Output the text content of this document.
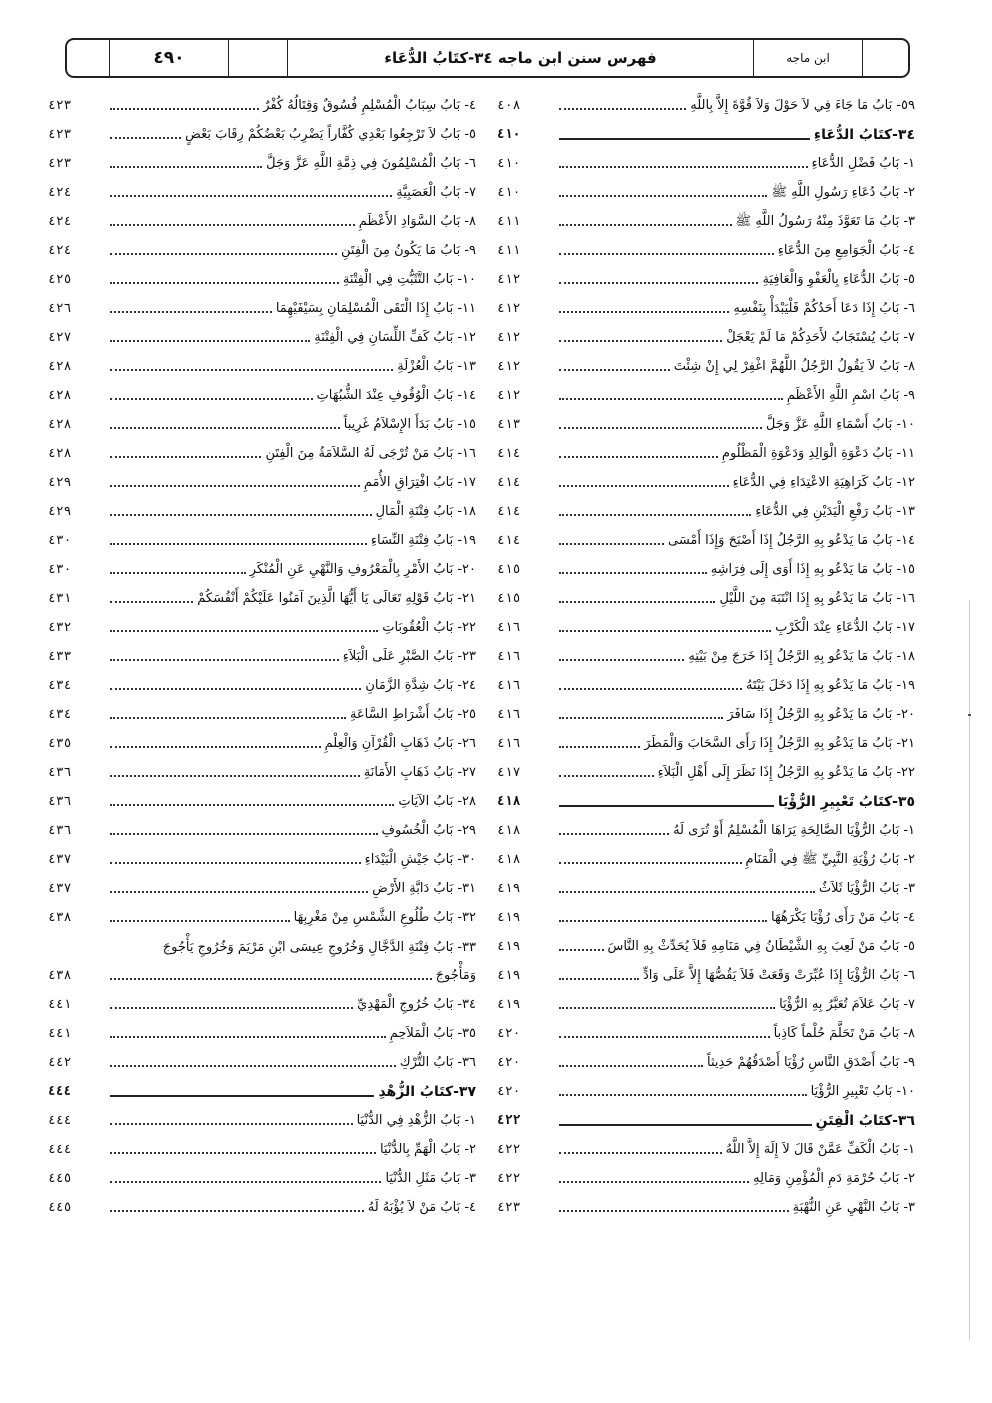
٤٩٠	فهرس سنن ابن ماجه ٣٤-كتَابُ الدُّعَاء	ابن ماجه
٥٩- بَابُ مَا جَاءَ فِي لاَ حَوْلَ وَلاَ قُوَّةَ إِلاَّ بِاللَّهِ
٤٠٨
٣٤-كتَابُ الدُّعَاءِ
٤١٠
١- بَابُ فَضْلِ الدُّعَاءِ
٤١٠
٢- بَابُ دُعَاءِ رَسُولِ اللَّهِ ﷺ
٤١٠
٣- بَابُ مَا تَعَوَّذَ مِنْهُ رَسُولُ اللَّهِ ﷺ
٤١١
٤- بَابُ الْجَوَامِعِ مِنَ الدُّعَاءِ
٤١١
٥- بَابُ الدُّعَاءِ بِالْعَفْوِ وَالْعَافِيَةِ
٤١٢
٦- بَابُ إِذَا دَعَا أَحَدُكُمْ فَلْيَبْدَأْ بِنَفْسِهِ
٤١٢
٧- بَابُ يُسْتَجَابُ لأَحَدِكُمْ مَا لَمْ يَعْجَلْ
٤١٢
٨- بَابُ لاَ يَقُولُ الرَّجُلُ اللَّهُمَّ اغْفِرْ لِي إِنْ شِئْتَ
٤١٢
٩- بَابُ اسْمِ اللَّهِ الأَعْظَمِ
٤١٢
١٠- بَابُ أَسْمَاءِ اللَّهِ عَزَّ وَجَلَّ
٤١٣
١١- بَابُ دَعْوَةِ الْوَالِدِ وَدَعْوَةِ الْمَظْلُومِ
٤١٤
١٢- بَابُ كَرَاهِيَةِ الاعْتِدَاءِ فِي الدُّعَاءِ
٤١٤
١٣- بَابُ رَفْعِ الْيَدَيْنِ فِي الدُّعَاءِ
٤١٤
١٤- بَابُ مَا يَدْعُو بِهِ الرَّجُلُ إِذَا أَصْبَحَ وَإِذَا أَمْسَى
٤١٤
١٥- بَابُ مَا يَدْعُو بِهِ إِذَا أَوَى إِلَى فِرَاشِهِ
٤١٥
١٦- بَابُ مَا يَدْعُو بِهِ إِذَا انْتَبَهَ مِنَ اللَّيْلِ
٤١٥
١٧- بَابُ الدُّعَاءِ عِنْدَ الْكَرْبِ
٤١٦
١٨- بَابُ مَا يَدْعُو بِهِ الرَّجُلُ إِذَا خَرَجَ مِنْ بَيْتِهِ
٤١٦
١٩- بَابُ مَا يَدْعُو بِهِ إِذَا دَخَلَ بَيْتَهُ
٤١٦
٢٠- بَابُ مَا يَدْعُو بِهِ الرَّجُلُ إِذَا سَافَرَ
٤١٦
٢١- بَابُ مَا يَدْعُو بِهِ الرَّجُلُ إِذَا رَأَى السَّحَابَ وَالْمَطَرَ
٤١٦
٢٢- بَابُ مَا يَدْعُو بِهِ الرَّجُلُ إِذَا نَظَرَ إِلَى أَهْلِ الْبَلاَءِ
٤١٧
٣٥-كتَابُ تَعْبِيرِ الرُّؤْيَا
٤١٨
١- بَابُ الرُّؤْيَا الصَّالِحَةِ يَرَاهَا الْمُسْلِمُ أَوْ تُرَى لَهُ
٤١٨
٢- بَابُ رُؤْيَةِ النَّبِيِّ ﷺ فِي الْمَنَامِ
٤١٨
٣- بَابُ الرُّؤْيَا ثَلاَثٌ
٤١٩
٤- بَابُ مَنْ رَأَى رُؤْيَا يَكْرَهُهَا
٤١٩
٥- بَابُ مَنْ لَعِبَ بِهِ الشَّيْطَانُ فِي مَنَامِهِ فَلاَ يُحَدِّثْ بِهِ النَّاسَ
٤١٩
٦- بَابُ الرُّؤْيَا إِذَا عُبِّرَتْ وَقَعَتْ فَلاَ يَقُصُّهَا إِلاَّ عَلَى وَادٍّ
٤١٩
٧- بَابُ عَلاَمَ تُعَبَّرُ بِهِ الرُّؤْيَا
٤١٩
٨- بَابُ مَنْ تَحَلَّمَ حُلْماً كَاذِباً
٤٢٠
٩- بَابُ أَصْدَقِ النَّاسِ رُؤْيَا أَصْدَقُهُمْ حَدِيثاً
٤٢٠
١٠- بَابُ تَعْبِيرِ الرُّؤْيَا
٤٢٠
٣٦-كتَابُ الْفِتَنِ
٤٢٢
١- بَابُ الْكَفِّ عَمَّنْ قَالَ لاَ إِلَهَ إِلاَّ اللَّهُ
٤٢٢
٢- بَابُ حُرْمَةِ دَمِ الْمُؤْمِنِ وَمَالِهِ
٤٢٢
٣- بَابُ النَّهْيِ عَنِ النُّهْبَةِ
٤٢٣
٤- بَابُ سِبَابُ الْمُسْلِمِ فُسُوقٌ وَقِتَالُهُ كُفْرٌ
٤٢٣
٥- بَابُ لاَ تَرْجِعُوا بَعْدِي كُفَّاراً يَضْرِبُ بَعْضُكُمْ رِقَابَ بَعْضٍ
٤٢٣
٦- بَابُ الْمُسْلِمُونَ فِي ذِمَّةِ اللَّهِ عَزَّ وَجَلَّ
٤٢٣
٧- بَابُ الْعَصَبِيَّةِ
٤٢٤
٨- بَابُ السَّوَادِ الأَعْظَمِ
٤٢٤
٩- بَابُ مَا يَكُونُ مِنَ الْفِتَنِ
٤٢٤
١٠- بَابُ التَّثَبُّتِ فِي الْفِتْنَةِ
٤٢٥
١١- بَابُ إِذَا الْتَقَى الْمُسْلِمَانِ بِسَيْفَيْهِمَا
٤٢٦
١٢- بَابُ كَفِّ اللِّسَانِ فِي الْفِتْنَةِ
٤٢٧
١٣- بَابُ الْعُزْلَةِ
٤٢٨
١٤- بَابُ الْوُقُوفِ عِنْدَ الشُّبُهَاتِ
٤٢٨
١٥- بَابُ بَدَأَ الإِسْلاَمُ غَرِيباً
٤٢٨
١٦- بَابُ مَنْ تُرْجَى لَهُ السَّلاَمَةُ مِنَ الْفِتَنِ
٤٢٨
١٧- بَابُ افْتِرَاقِ الأُمَمِ
٤٢٩
١٨- بَابُ فِتْنَةِ الْمَالِ
٤٢٩
١٩- بَابُ فِتْنَةِ النِّسَاءِ
٤٣٠
٢٠- بَابُ الأَمْرِ بِالْمَعْرُوفِ وَالنَّهْيِ عَنِ الْمُنْكَرِ
٤٣٠
٢١- بَابُ قَوْلِهِ تَعَالَى يَا أَيُّهَا الَّذِينَ آمَنُوا عَلَيْكُمْ أَنْفُسَكُمْ
٤٣١
٢٢- بَابُ الْعُقُوبَاتِ
٤٣٢
٢٣- بَابُ الصَّبْرِ عَلَى الْبَلاَءِ
٤٣٣
٢٤- بَابُ شِدَّةِ الزَّمَانِ
٤٣٤
٢٥- بَابُ أَشْرَاطِ السَّاعَةِ
٤٣٤
٢٦- بَابُ ذَهَابِ الْقُرْآنِ وَالْعِلْمِ
٤٣٥
٢٧- بَابُ ذَهَابِ الأَمَانَةِ
٤٣٦
٢٨- بَابُ الآيَاتِ
٤٣٦
٢٩- بَابُ الْخُسُوفِ
٤٣٦
٣٠- بَابُ جَيْشِ الْبَيْدَاءِ
٤٣٧
٣١- بَابُ دَابَّةِ الأَرْضِ
٤٣٧
٣٢- بَابُ طُلُوعِ الشَّمْسِ مِنْ مَغْرِبِهَا
٤٣٨
٣٣- بَابُ فِتْنَةِ الدَّجَّالِ وَخُرُوجِ عِيسَى ابْنِ مَرْيَمَ وَخُرُوجِ يَأْجُوجَ
وَمَأْجُوجَ
٤٣٨
٣٤- بَابُ خُرُوجِ الْمَهْدِيِّ
٤٤١
٣٥- بَابُ الْمَلاَحِمِ
٤٤١
٣٦- بَابُ التُّرْكِ
٤٤٢
٣٧-كتَابُ الزُّهْدِ
٤٤٤
١- بَابُ الزُّهْدِ فِي الدُّنْيَا
٤٤٤
٢- بَابُ الْهَمِّ بِالدُّنْيَا
٤٤٤
٣- بَابُ مَثَلِ الدُّنْيَا
٤٤٥
٤- بَابُ مَنْ لاَ يُؤْبَهُ لَهُ
٤٤٥
